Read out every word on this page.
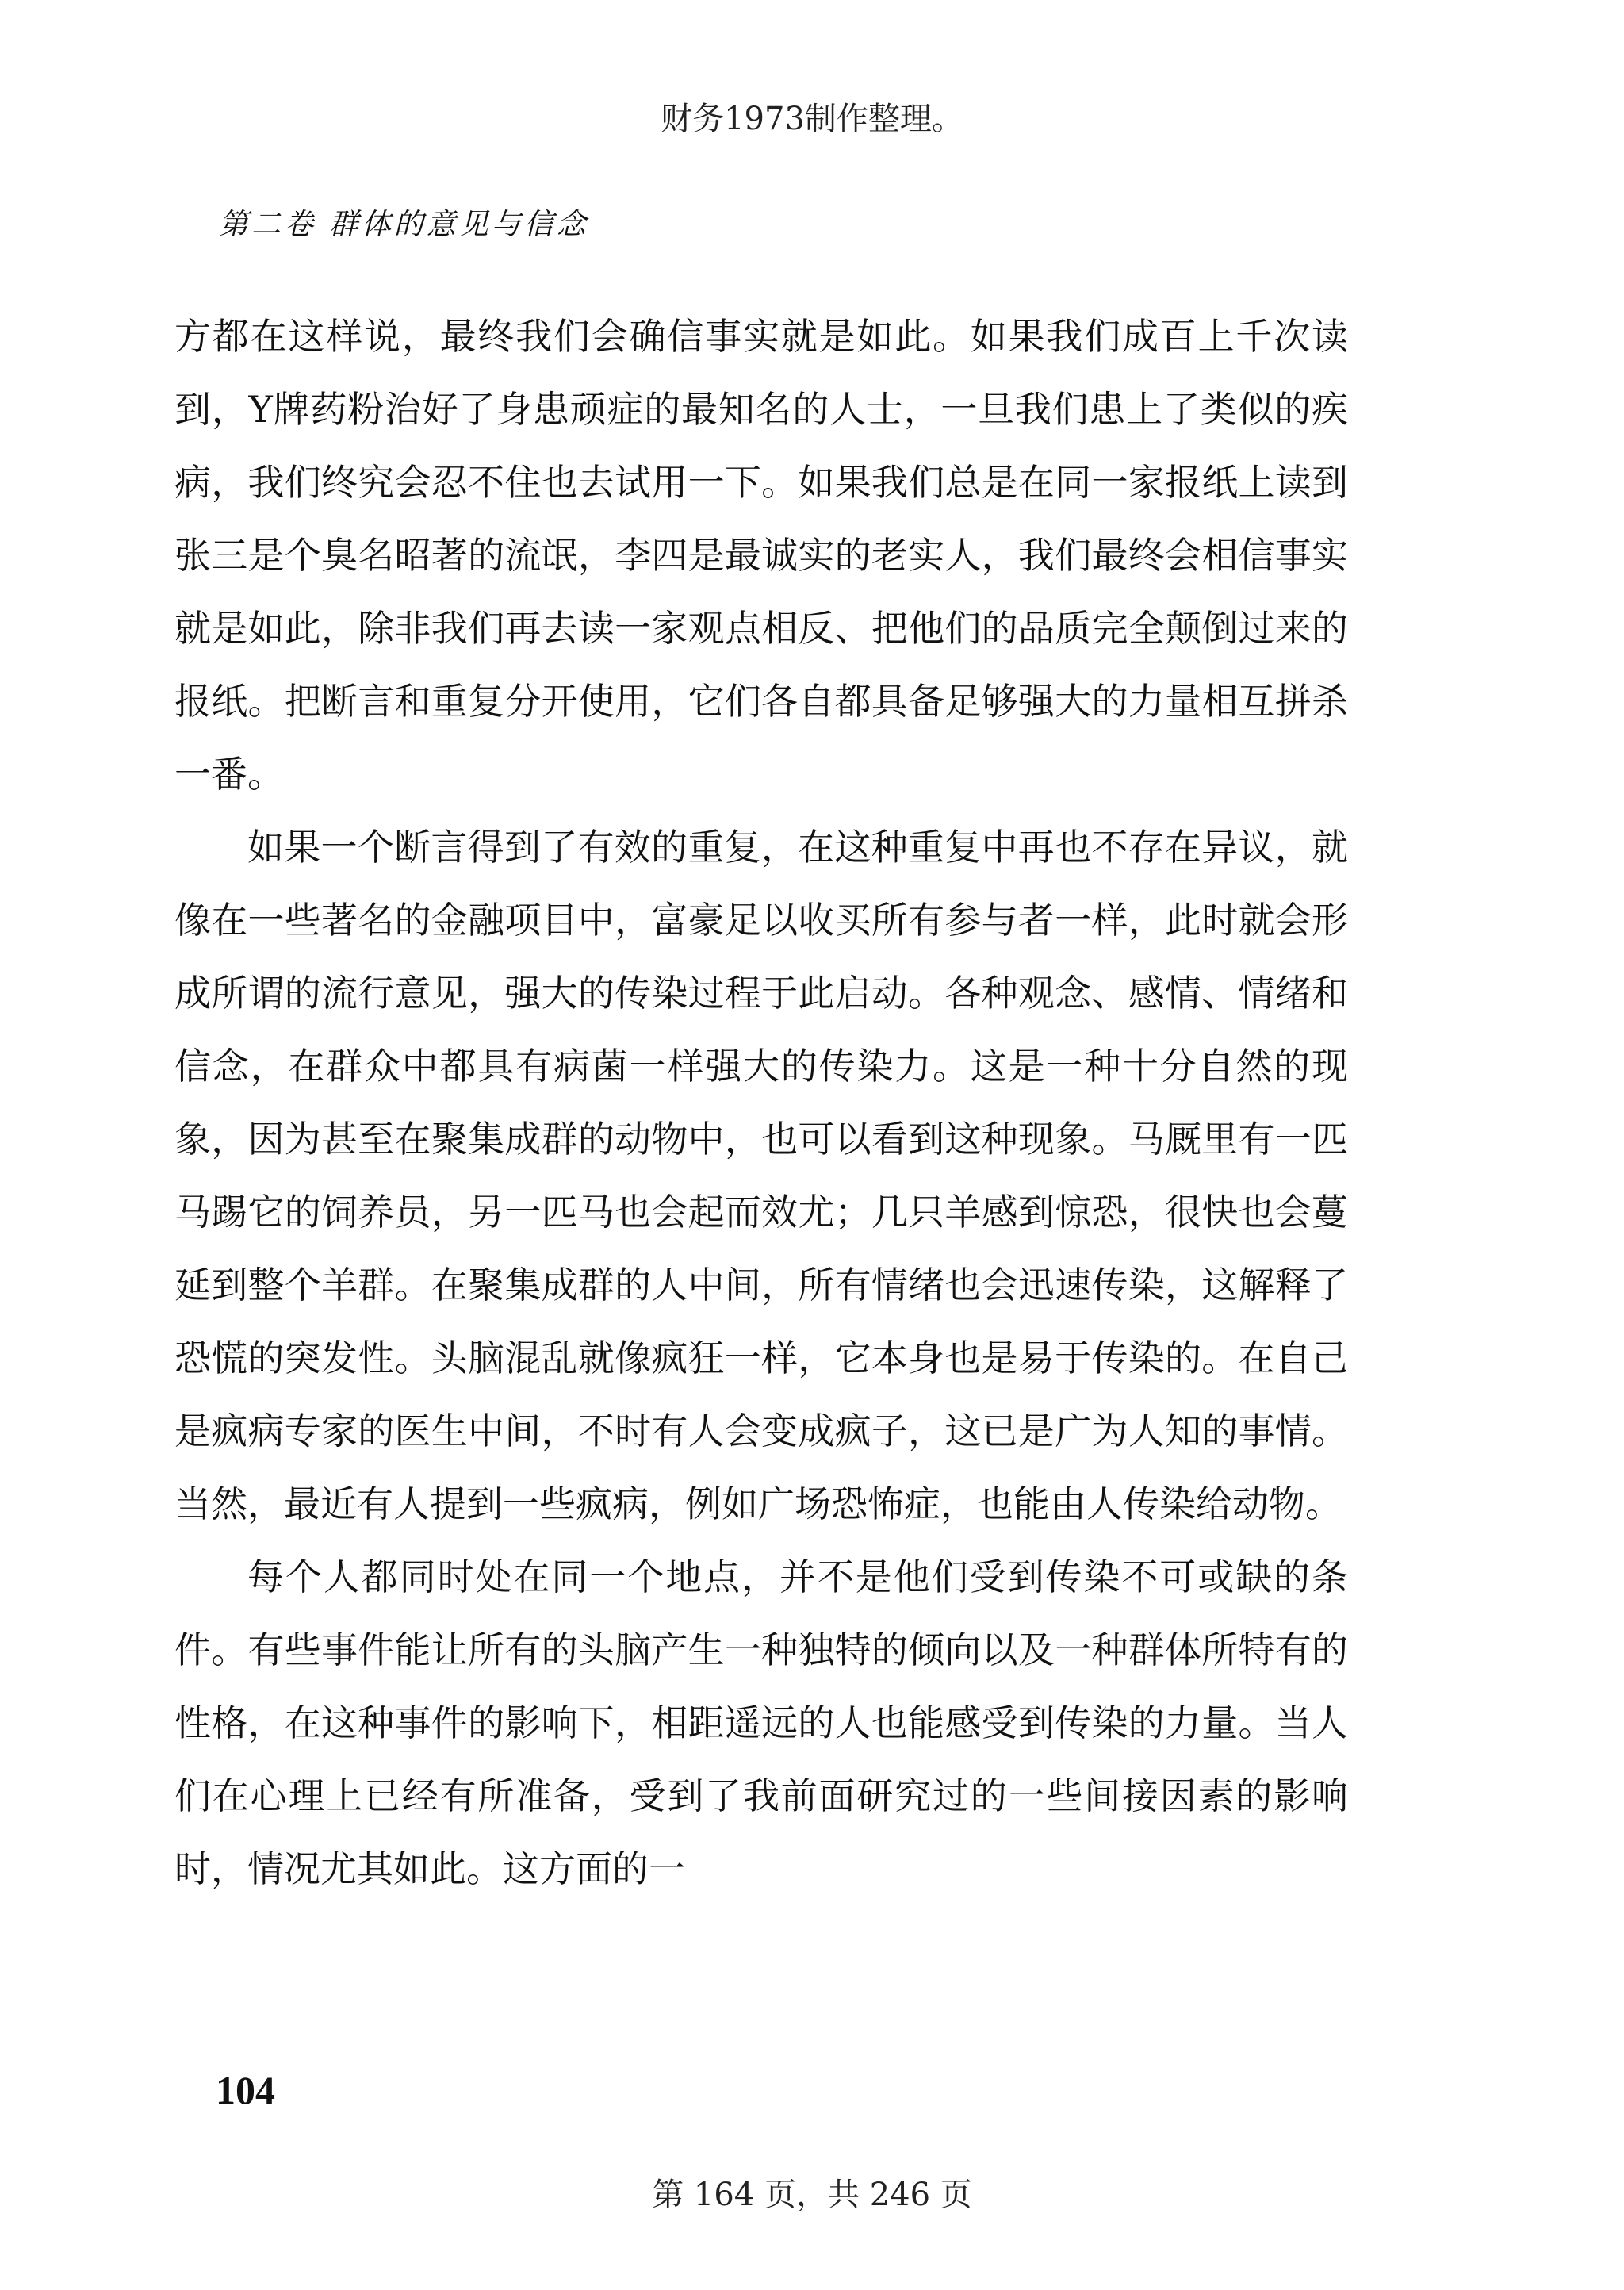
财务1973制作整理。
第二卷 群体的意见与信念

方都在这样说，最终我们会确信事实就是如此。如果我们成百上千次读到，Y牌药粉治好了身患顽症的最知名的人士，一旦我们患上了类似的疾病，我们终究会忍不住也去试用一下。如果我们总是在同一家报纸上读到张三是个臭名昭著的流氓，李四是最诚实的老实人，我们最终会相信事实就是如此，除非我们再去读一家观点相反、把他们的品质完全颠倒过来的报纸。把断言和重复分开使用，它们各自都具备足够强大的力量相互拼杀一番。

如果一个断言得到了有效的重复，在这种重复中再也不存在异议，就像在一些著名的金融项目中，富豪足以收买所有参与者一样，此时就会形成所谓的流行意见，强大的传染过程于此启动。各种观念、感情、情绪和信念，在群众中都具有病菌一样强大的传染力。这是一种十分自然的现象，因为甚至在聚集成群的动物中，也可以看到这种现象。马厩里有一匹马踢它的饲养员，另一匹马也会起而效尤；几只羊感到惊恐，很快也会蔓延到整个羊群。在聚集成群的人中间，所有情绪也会迅速传染，这解释了恐慌的突发性。头脑混乱就像疯狂一样，它本身也是易于传染的。在自己是疯病专家的医生中间，不时有人会变成疯子，这已是广为人知的事情。当然，最近有人提到一些疯病，例如广场恐怖症，也能由人传染给动物。

每个人都同时处在同一个地点，并不是他们受到传染不可或缺的条件。有些事件能让所有的头脑产生一种独特的倾向以及一种群体所特有的性格，在这种事件的影响下，相距遥远的人也能感受到传染的力量。当人们在心理上已经有所准备，受到了我前面研究过的一些间接因素的影响时，情况尤其如此。这方面的一

104
第 164 页，共 246 页
